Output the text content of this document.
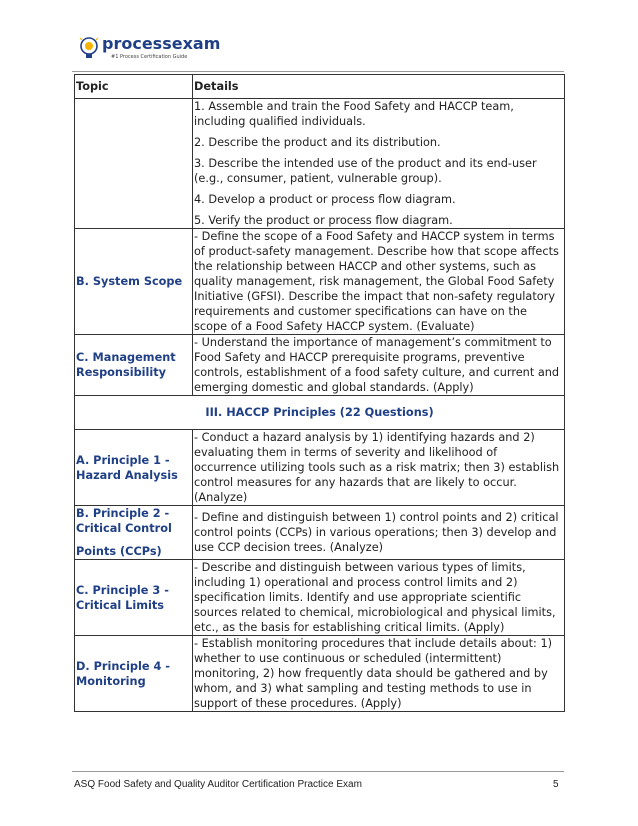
processexam
#1 Process Certification Guide
Topic	Details

	1. Assemble and train the Food Safety and HACCP team, including qualified individuals.

2. Describe the product and its distribution.

3. Describe the intended use of the product and its end-user (e.g., consumer, patient, vulnerable group).

4. Develop a product or process flow diagram.

5. Verify the product or process flow diagram.

B. System Scope	- Define the scope of a Food Safety and HACCP system in terms of product-safety management. Describe how that scope affects the relationship between HACCP and other systems, such as quality management, risk management, the Global Food Safety Initiative (GFSI). Describe the impact that non-safety regulatory requirements and customer specifications can have on the scope of a Food Safety HACCP system. (Evaluate)

C. Management Responsibility	- Understand the importance of management’s commitment to Food Safety and HACCP prerequisite programs, preventive controls, establishment of a food safety culture, and current and emerging domestic and global standards. (Apply)

III. HACCP Principles (22 Questions)	
A. Principle 1 - Hazard Analysis	- Conduct a hazard analysis by 1) identifying hazards and 2) evaluating them in terms of severity and likelihood of occurrence utilizing tools such as a risk matrix; then 3) establish control measures for any hazards that are likely to occur. (Analyze)

B. Principle 2 - Critical Control
Points (CCPs)	- Define and distinguish between 1) control points and 2) critical control points (CCPs) in various operations; then 3) develop and use CCP decision trees. (Analyze)

C. Principle 3 - Critical Limits	- Describe and distinguish between various types of limits, including 1) operational and process control limits and 2) specification limits. Identify and use appropriate scientific sources related to chemical, microbiological and physical limits, etc., as the basis for establishing critical limits. (Apply)

D. Principle 4 - Monitoring	- Establish monitoring procedures that include details about: 1) whether to use continuous or scheduled (intermittent) monitoring, 2) how frequently data should be gathered and by whom, and 3) what sampling and testing methods to use in support of these procedures. (Apply)

ASQ Food Safety and Quality Auditor Certification Practice Exam	5
